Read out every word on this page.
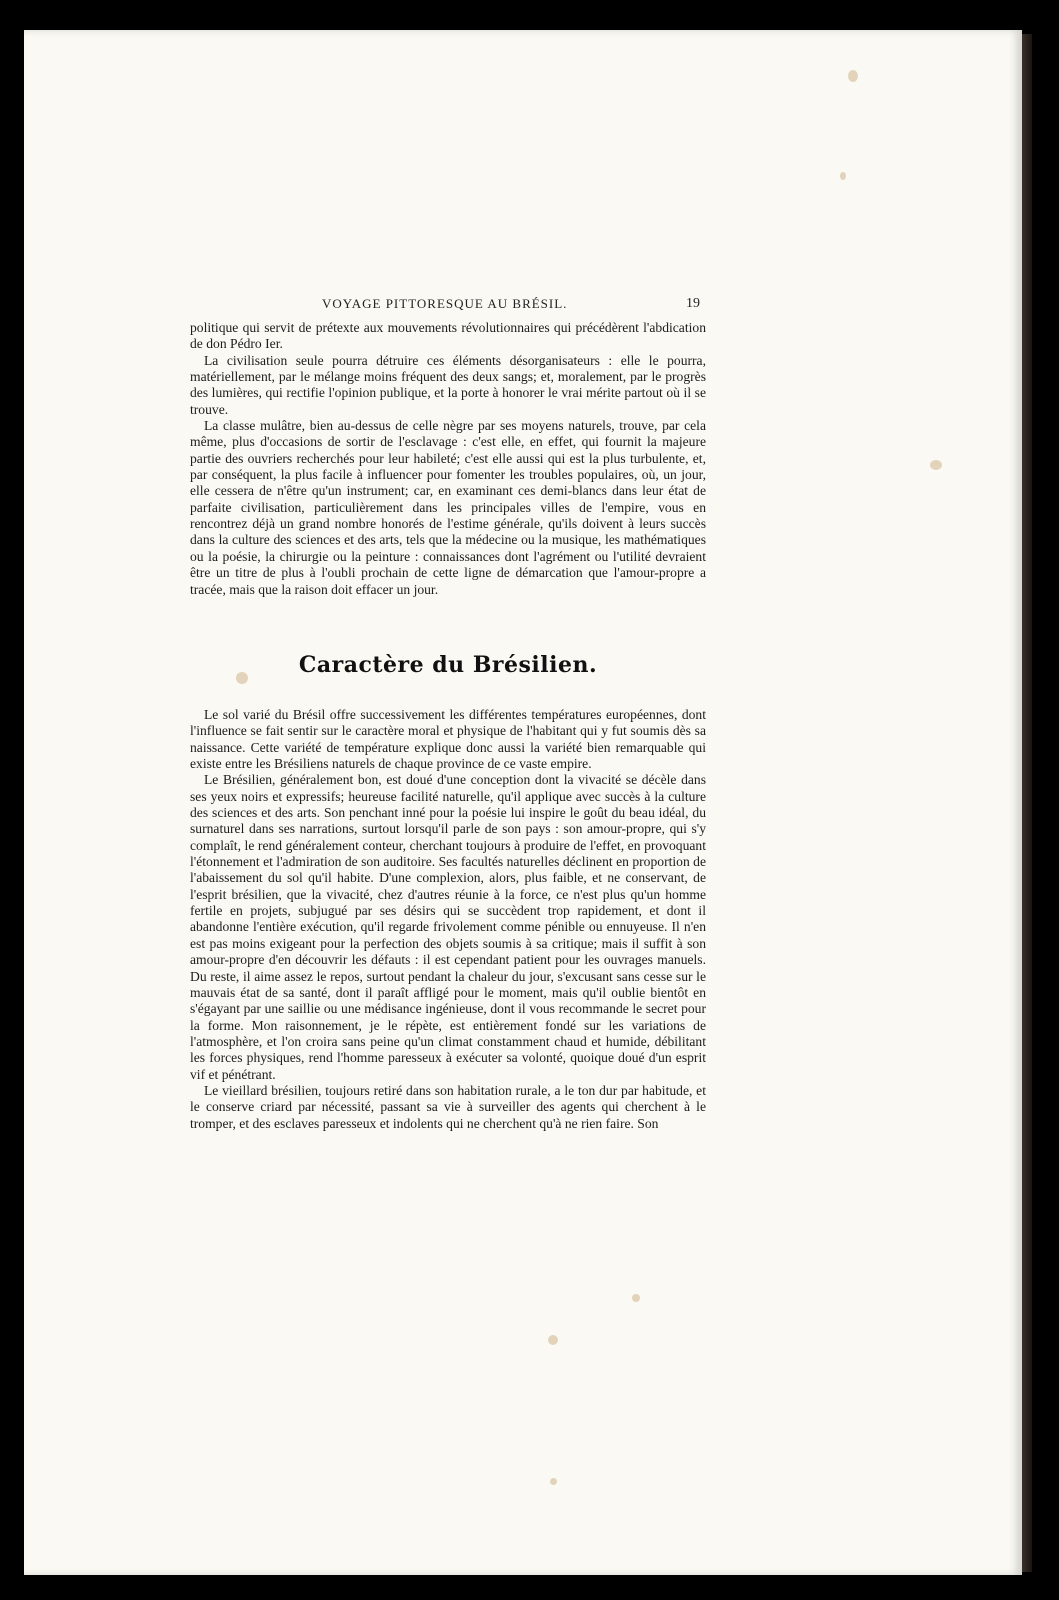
VOYAGE PITTORESQUE AU BRÉSIL.	19

politique qui servit de prétexte aux mouvements révolutionnaires qui précédèrent l'abdication de don Pédro Ier.

La civilisation seule pourra détruire ces éléments désorganisateurs : elle le pourra, matériellement, par le mélange moins fréquent des deux sangs; et, moralement, par le progrès des lumières, qui rectifie l'opinion publique, et la porte à honorer le vrai mérite partout où il se trouve.

La classe mulâtre, bien au-dessus de celle nègre par ses moyens naturels, trouve, par cela même, plus d'occasions de sortir de l'esclavage : c'est elle, en effet, qui fournit la majeure partie des ouvriers recherchés pour leur habileté; c'est elle aussi qui est la plus turbulente, et, par conséquent, la plus facile à influencer pour fomenter les troubles populaires, où, un jour, elle cessera de n'être qu'un instrument; car, en examinant ces demi-blancs dans leur état de parfaite civilisation, particulièrement dans les principales villes de l'empire, vous en rencontrez déjà un grand nombre honorés de l'estime générale, qu'ils doivent à leurs succès dans la culture des sciences et des arts, tels que la médecine ou la musique, les mathématiques ou la poésie, la chirurgie ou la peinture : connaissances dont l'agrément ou l'utilité devraient être un titre de plus à l'oubli prochain de cette ligne de démarcation que l'amour-propre a tracée, mais que la raison doit effacer un jour.

Caractère du Brésilien.

Le sol varié du Brésil offre successivement les différentes températures européennes, dont l'influence se fait sentir sur le caractère moral et physique de l'habitant qui y fut soumis dès sa naissance. Cette variété de température explique donc aussi la variété bien remarquable qui existe entre les Brésiliens naturels de chaque province de ce vaste empire.

Le Brésilien, généralement bon, est doué d'une conception dont la vivacité se décèle dans ses yeux noirs et expressifs; heureuse facilité naturelle, qu'il applique avec succès à la culture des sciences et des arts. Son penchant inné pour la poésie lui inspire le goût du beau idéal, du surnaturel dans ses narrations, surtout lorsqu'il parle de son pays : son amour-propre, qui s'y complaît, le rend généralement conteur, cherchant toujours à produire de l'effet, en provoquant l'étonnement et l'admiration de son auditoire. Ses facultés naturelles déclinent en proportion de l'abaissement du sol qu'il habite. D'une complexion, alors, plus faible, et ne conservant, de l'esprit brésilien, que la vivacité, chez d'autres réunie à la force, ce n'est plus qu'un homme fertile en projets, subjugué par ses désirs qui se succèdent trop rapidement, et dont il abandonne l'entière exécution, qu'il regarde frivolement comme pénible ou ennuyeuse. Il n'en est pas moins exigeant pour la perfection des objets soumis à sa critique; mais il suffit à son amour-propre d'en découvrir les défauts : il est cependant patient pour les ouvrages manuels. Du reste, il aime assez le repos, surtout pendant la chaleur du jour, s'excusant sans cesse sur le mauvais état de sa santé, dont il paraît affligé pour le moment, mais qu'il oublie bientôt en s'égayant par une saillie ou une médisance ingénieuse, dont il vous recommande le secret pour la forme. Mon raisonnement, je le répète, est entièrement fondé sur les variations de l'atmosphère, et l'on croira sans peine qu'un climat constamment chaud et humide, débilitant les forces physiques, rend l'homme paresseux à exécuter sa volonté, quoique doué d'un esprit vif et pénétrant.

Le vieillard brésilien, toujours retiré dans son habitation rurale, a le ton dur par habitude, et le conserve criard par nécessité, passant sa vie à surveiller des agents qui cherchent à le tromper, et des esclaves paresseux et indolents qui ne cherchent qu'à ne rien faire. Son
